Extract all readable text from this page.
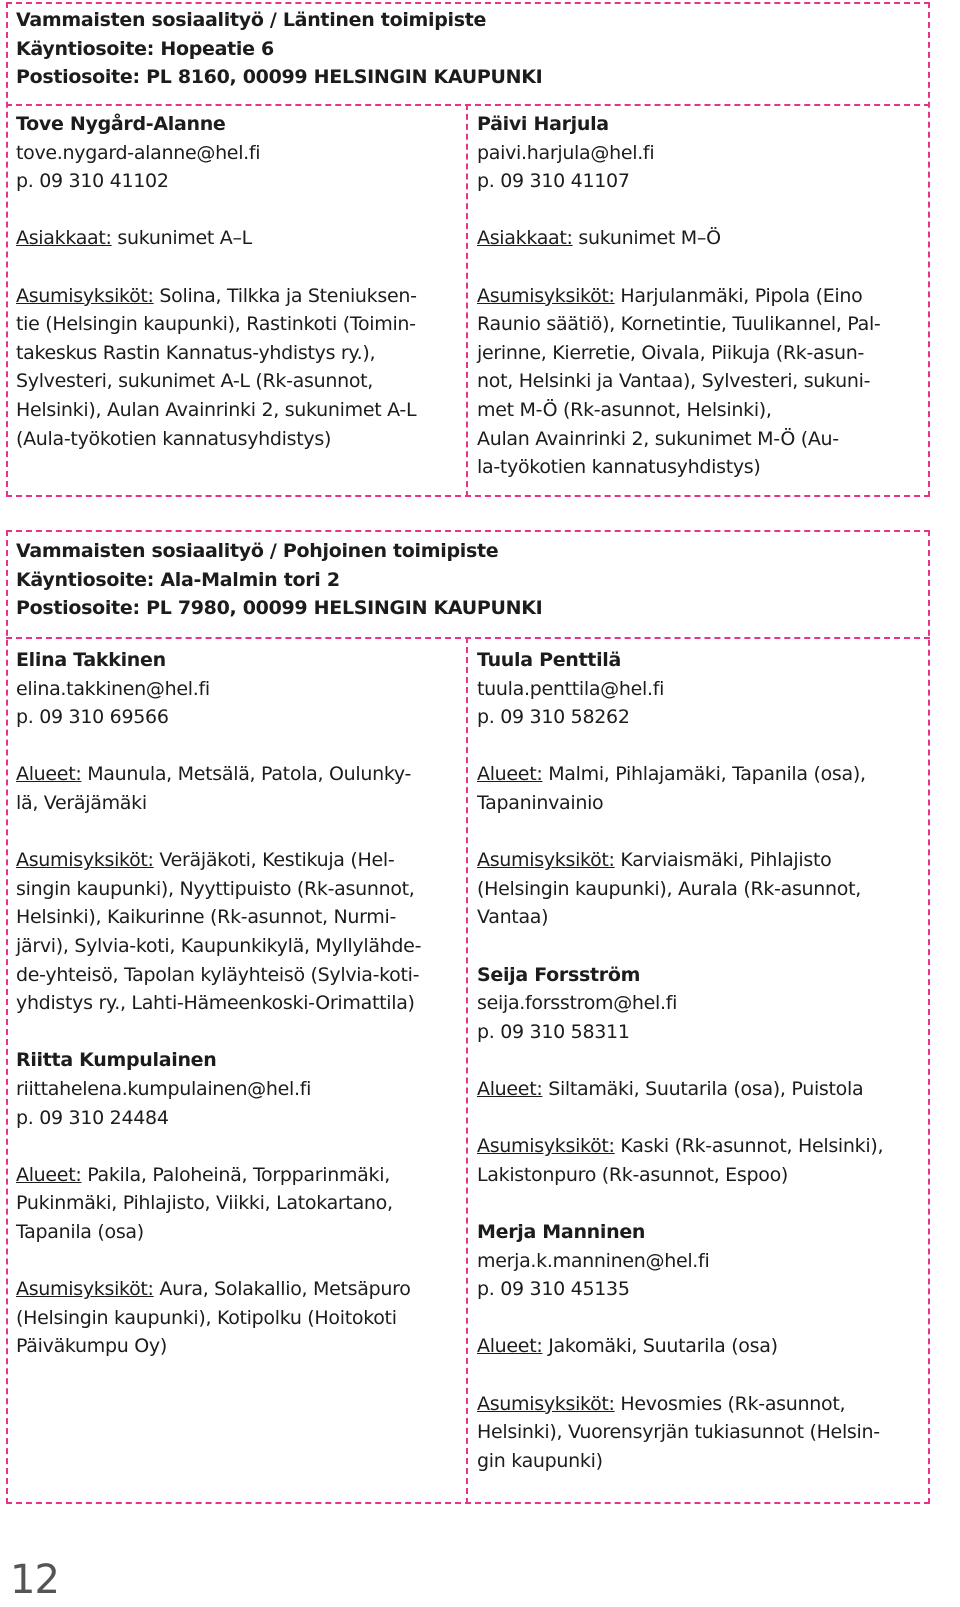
Vammaisten sosiaalityö / Läntinen toimipiste
Käyntiosoite: Hopeatie 6
Postiosoite: PL 8160, 00099 HELSINGIN KAUPUNKI
Tove Nygård-Alanne
tove.nygard-alanne@hel.fi
p. 09 310 41102
Asiakkaat: sukunimet A–L
Asumisyksiköt: Solina, Tilkka ja Steniuksen-
tie (Helsingin kaupunki), Rastinkoti (Toimin-
takeskus Rastin Kannatus-yhdistys ry.),
Sylvesteri, sukunimet A-L (Rk-asunnot,
Helsinki), Aulan Avainrinki 2, sukunimet A-L
(Aula-työkotien kannatusyhdistys)
Päivi Harjula
paivi.harjula@hel.fi
p. 09 310 41107
Asiakkaat: sukunimet M–Ö
Asumisyksiköt: Harjulanmäki, Pipola (Eino
Raunio säätiö), Kornetintie, Tuulikannel, Pal-
jerinne, Kierretie, Oivala, Piikuja (Rk-asun-
not, Helsinki ja Vantaa), Sylvesteri, sukuni-
met M-Ö (Rk-asunnot, Helsinki),
Aulan Avainrinki 2, sukunimet M-Ö (Au-
la-työkotien kannatusyhdistys)
Vammaisten sosiaalityö / Pohjoinen toimipiste
Käyntiosoite: Ala-Malmin tori 2
Postiosoite: PL 7980, 00099 HELSINGIN KAUPUNKI
Elina Takkinen
elina.takkinen@hel.fi
p. 09 310 69566
Alueet: Maunula, Metsälä, Patola, Oulunky-
lä, Veräjämäki
Asumisyksiköt: Veräjäkoti, Kestikuja (Hel-
singin kaupunki), Nyyttipuisto (Rk-asunnot,
Helsinki), Kaikurinne (Rk-asunnot, Nurmi-
järvi), Sylvia-koti, Kaupunkikylä, Myllylähde-
de-yhteisö, Tapolan kyläyhteisö (Sylvia-koti-
yhdistys ry., Lahti-Hämeenkoski-Orimattila)
Riitta Kumpulainen
riittahelena.kumpulainen@hel.fi
p. 09 310 24484
Alueet: Pakila, Paloheinä, Torpparinmäki,
Pukinmäki, Pihlajisto, Viikki, Latokartano,
Tapanila (osa)
Asumisyksiköt: Aura, Solakallio, Metsäpuro
(Helsingin kaupunki), Kotipolku (Hoitokoti
Päiväkumpu Oy)
Tuula Penttilä
tuula.penttila@hel.fi
p. 09 310 58262
Alueet: Malmi, Pihlajamäki, Tapanila (osa),
Tapaninvainio
Asumisyksiköt: Karviaismäki, Pihlajisto
(Helsingin kaupunki), Aurala (Rk-asunnot,
Vantaa)
Seija Forsström
seija.forsstrom@hel.fi
p. 09 310 58311
Alueet: Siltamäki, Suutarila (osa), Puistola
Asumisyksiköt: Kaski (Rk-asunnot, Helsinki),
Lakistonpuro (Rk-asunnot, Espoo)
Merja Manninen
merja.k.manninen@hel.fi
p. 09 310 45135
Alueet: Jakomäki, Suutarila (osa)
Asumisyksiköt: Hevosmies (Rk-asunnot,
Helsinki), Vuorensyrjän tukiasunnot (Helsin-
gin kaupunki)
12
